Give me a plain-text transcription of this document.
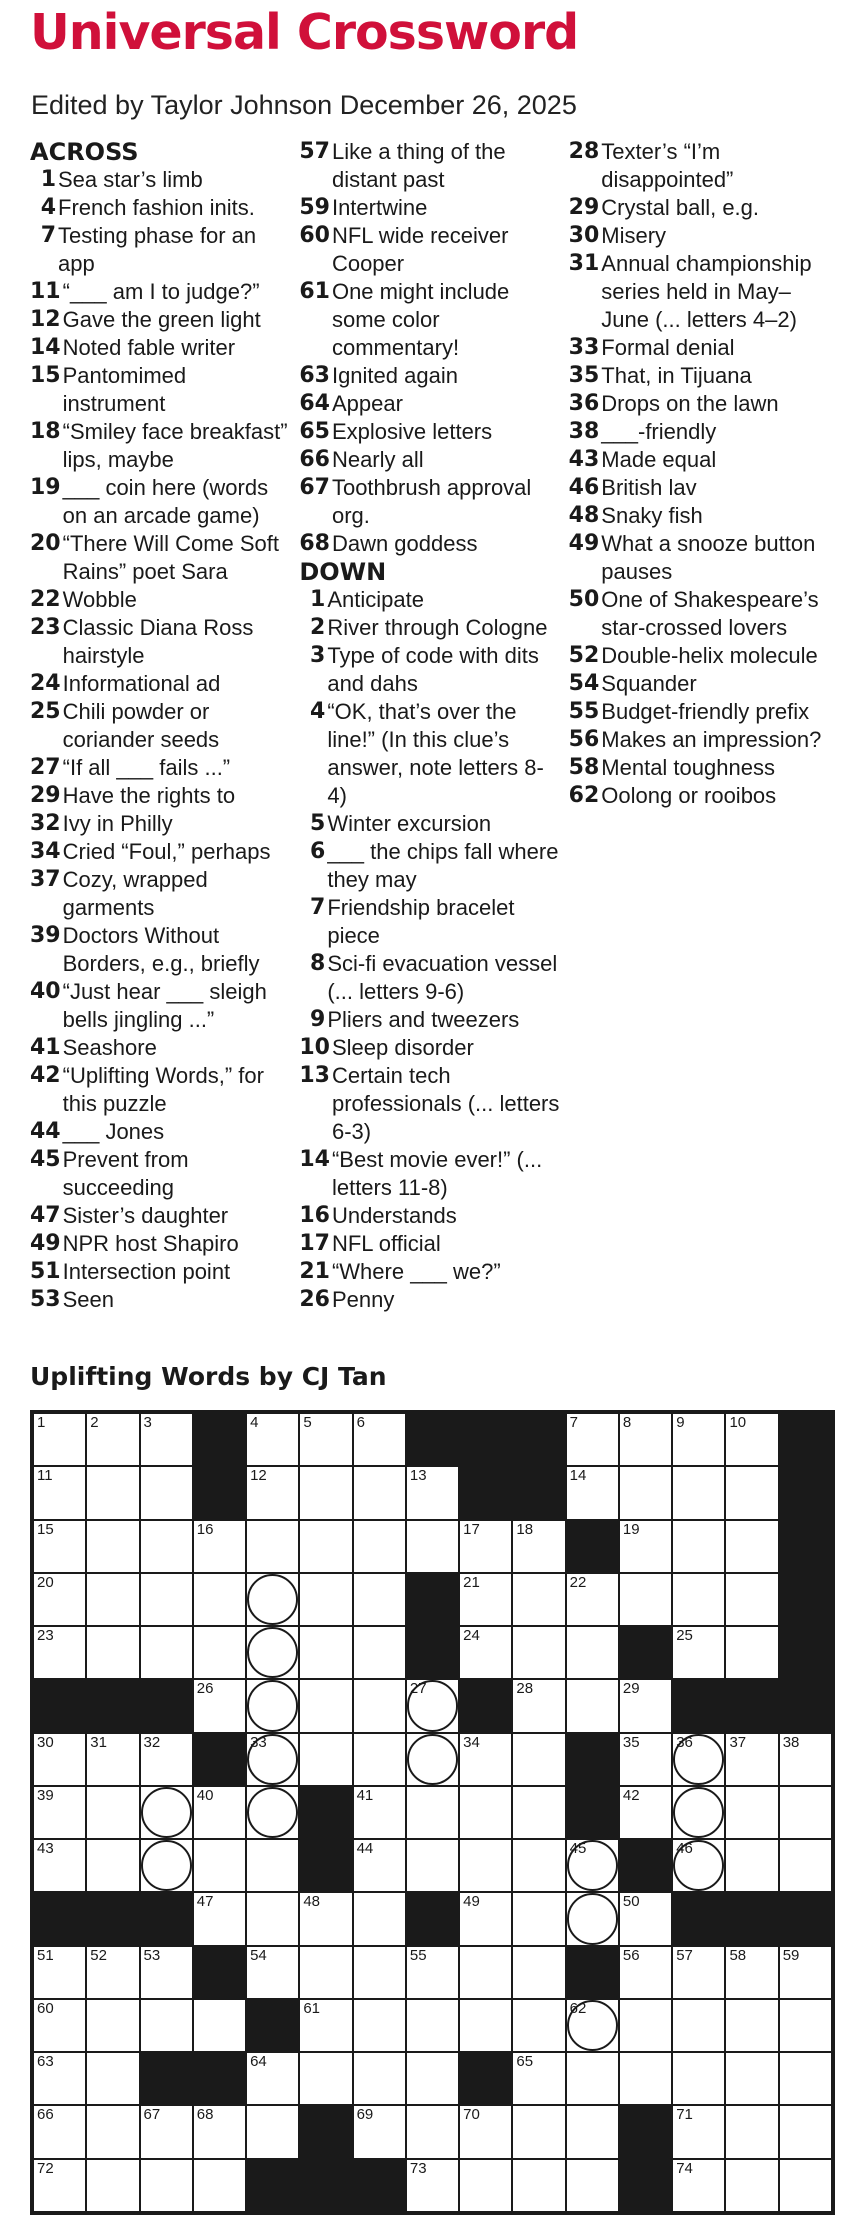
Universal Crossword
Edited by Taylor Johnson December 26, 2025
ACROSS
1 Sea star’s limb
4 French fashion inits.
7 Testing phase for an app
11 “___ am I to judge?”
12 Gave the green light
14 Noted fable writer
15 Pantomimed instrument
18 “Smiley face breakfast” lips, maybe
19 ___ coin here (words on an arcade game)
20 “There Will Come Soft Rains” poet Sara
22 Wobble
23 Classic Diana Ross hairstyle
24 Informational ad
25 Chili powder or coriander seeds
27 “If all ___ fails ...”
29 Have the rights to
32 Ivy in Philly
34 Cried “Foul,” perhaps
37 Cozy, wrapped garments
39 Doctors Without Borders, e.g., briefly
40 “Just hear ___ sleigh bells jingling ...”
41 Seashore
42 “Uplifting Words,” for this puzzle
44 ___ Jones
45 Prevent from succeeding
47 Sister’s daughter
49 NPR host Shapiro
51 Intersection point
53 Seen
57 Like a thing of the distant past
59 Intertwine
60 NFL wide receiver Cooper
61 One might include some color commentary!
63 Ignited again
64 Appear
65 Explosive letters
66 Nearly all
67 Toothbrush approval org.
68 Dawn goddess
DOWN
1 Anticipate
2 River through Cologne
3 Type of code with dits and dahs
4 “OK, that’s over the line!” (In this clue’s answer, note letters 8-4)
5 Winter excursion
6 ___ the chips fall where they may
7 Friendship bracelet piece
8 Sci-fi evacuation vessel (... letters 9-6)
9 Pliers and tweezers
10 Sleep disorder
13 Certain tech professionals (... letters 6-3)
14 “Best movie ever!” (... letters 11-8)
16 Understands
17 NFL official
21 “Where ___ we?”
26 Penny
28 Texter’s “I’m disappointed”
29 Crystal ball, e.g.
30 Misery
31 Annual championship series held in May–June (... letters 4–2)
33 Formal denial
35 That, in Tijuana
36 Drops on the lawn
38 ___-friendly
43 Made equal
46 British lav
48 Snaky fish
49 What a snooze button pauses
50 One of Shakespeare’s star-crossed lovers
52 Double-helix molecule
54 Squander
55 Budget-friendly prefix
56 Makes an impression?
58 Mental toughness
62 Oolong or rooibos
Uplifting Words by CJ Tan
1	2	3	4	5	6	7	8	9	10
11	12	13	14
15	16	17 18	19
20	21	22
23	24	25
26	27	28	29
30 31 32	33	34	35 36 37 38
39	40	41	42
43	44	45	46
47	48	49	50
51 52 53	54	55	56 57 58 59
60	61	62
63	64	65
66	67 68	69	70	71
72	73	74
